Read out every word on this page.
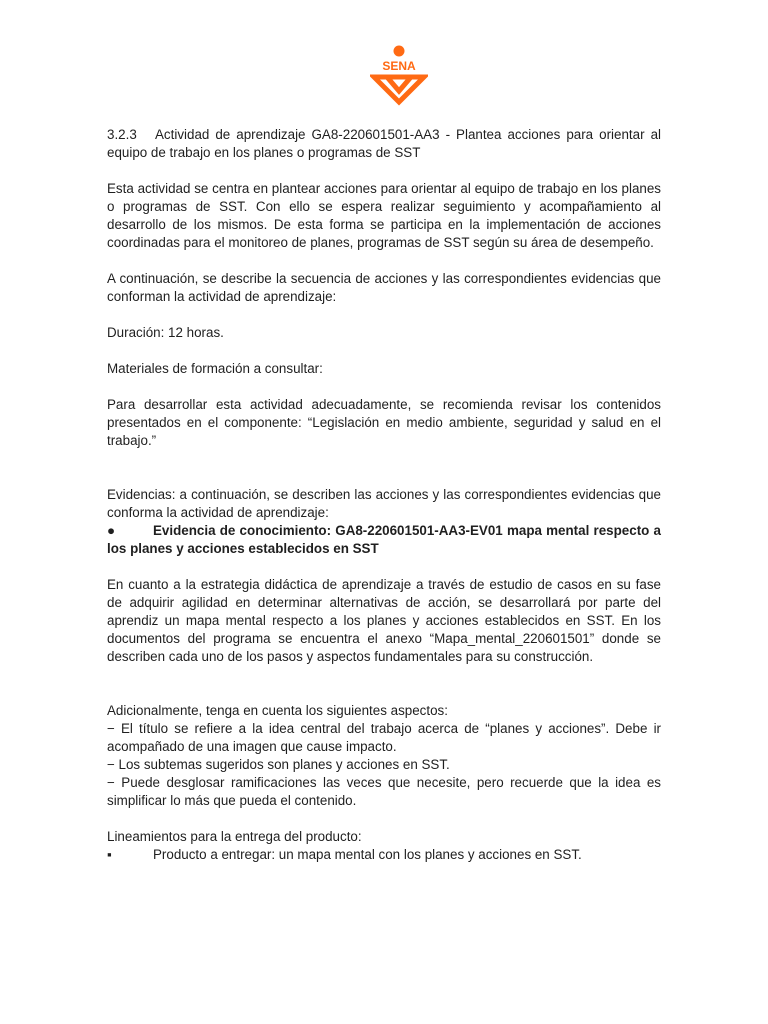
SENA

3.2.3 Actividad de aprendizaje GA8-220601501-AA3 - Plantea acciones para orientar al equipo de trabajo en los planes o programas de SST

Esta actividad se centra en plantear acciones para orientar al equipo de trabajo en los planes o programas de SST. Con ello se espera realizar seguimiento y acompañamiento al desarrollo de los mismos. De esta forma se participa en la implementación de acciones coordinadas para el monitoreo de planes, programas de SST según su área de desempeño.

A continuación, se describe la secuencia de acciones y las correspondientes evidencias que conforman la actividad de aprendizaje:

Duración: 12 horas.

Materiales de formación a consultar:

Para desarrollar esta actividad adecuadamente, se recomienda revisar los contenidos presentados en el componente: “Legislación en medio ambiente, seguridad y salud en el trabajo.”

Evidencias: a continuación, se describen las acciones y las correspondientes evidencias que conforma la actividad de aprendizaje:

●	Evidencia de conocimiento: GA8-220601501-AA3-EV01 mapa mental respecto a los planes y acciones establecidos en SST

En cuanto a la estrategia didáctica de aprendizaje a través de estudio de casos en su fase de adquirir agilidad en determinar alternativas de acción, se desarrollará por parte del aprendiz un mapa mental respecto a los planes y acciones establecidos en SST. En los documentos del programa se encuentra el anexo “Mapa_mental_220601501” donde se describen cada uno de los pasos y aspectos fundamentales para su construcción.

Adicionalmente, tenga en cuenta los siguientes aspectos:

− El título se refiere a la idea central del trabajo acerca de “planes y acciones”. Debe ir acompañado de una imagen que cause impacto.

− Los subtemas sugeridos son planes y acciones en SST.

− Puede desglosar ramificaciones las veces que necesite, pero recuerde que la idea es simplificar lo más que pueda el contenido.

Lineamientos para la entrega del producto:

▪	Producto a entregar: un mapa mental con los planes y acciones en SST.
